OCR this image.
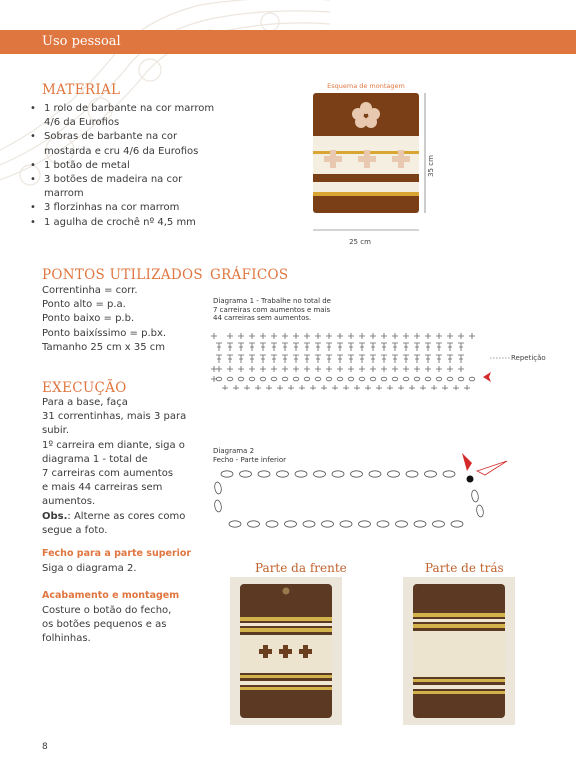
Uso pessoal
MATERIAL
• 1 rolo de barbante na cor marrom 4/6 da Eurofios
• Sobras de barbante na cor mostarda e cru 4/6 da Eurofios
• 1 botão de metal
• 3 botões de madeira na cor marrom
• 3 florzinhas na cor marrom
• 1 agulha de crochê nº 4,5 mm
Esquema de montagem
35 cm
25 cm
PONTOS UTILIZADOS
Correntinha = corr.
Ponto alto = p.a.
Ponto baixo = p.b.
Ponto baixíssimo = p.bx.
Tamanho 25 cm x 35 cm
GRÁFICOS
Diagrama 1 - Trabalhe no total de
7 carreiras com aumentos e mais
44 carreiras sem aumentos.
Repetição
Diagrama 2
Fecho - Parte inferior
EXECUÇÃO
Para a base, faça
31 correntinhas, mais 3 para
subir.
1º carreira em diante, siga o
diagrama 1 - total de
7 carreiras com aumentos
e mais 44 carreiras sem
aumentos.
Obs.: Alterne as cores como
segue a foto.
Fecho para a parte superior
Siga o diagrama 2.
Acabamento e montagem
Costure o botão do fecho,
os botões pequenos e as
folhinhas.
Parte da frente	Parte de trás
8
